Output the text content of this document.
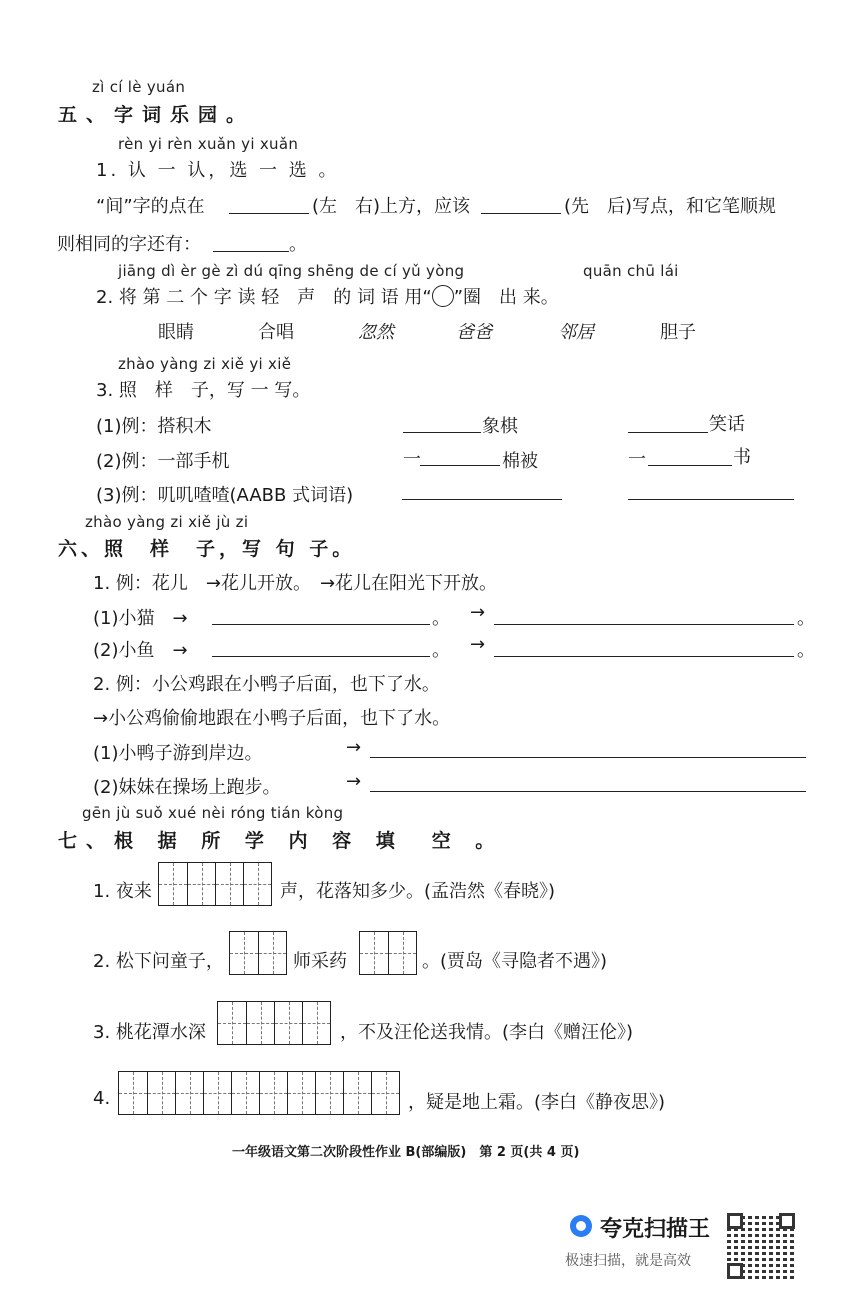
zì cí lè yuán
五、字词乐园。
rèn yi rèn xuǎn yi xuǎn
1. 认 一 认，选 一 选 。
“间”字的点在	(左　右)上方，应该	(先　后)写点，和它笔顺规
则相同的字还有：	。
jiāng dì èr gè zì dú qīng shēng de cí yǔ yòng	quān chū lái
2. 将 第 二 个 字 读 轻　声　的 词 语 用“ ”圈　出 来。
眼睛	合唱	忽然	爸爸	邻居	胆子
zhào yàng zi xiě yi xiě
3. 照　样　子，写 一 写。
(1)例：搭积木	象棋	笑话
(2)例：一部手机	一	棉被	一	书
(3)例：叽叽喳喳(AABB 式词语)
zhào yàng zi xiě jù zi
六、照　样　子，写 句 子。
1. 例：花儿　→花儿开放。　→花儿在阳光下开放。
(1)小猫　→	。 →	。
(2)小鱼　→	。 →	。
2. 例：小公鸡跟在小鸭子后面，也下了水。
→小公鸡偷偷地跟在小鸭子后面，也下了水。
(1)小鸭子游到岸边。	→
(2)妹妹在操场上跑步。	→
gēn jù suǒ xué nèi róng tián kòng
七、根 据 所 学 内 容 填　空 。
1. 夜来	声，花落知多少。(孟浩然《春晓》)
2. 松下问童子，	师采药	。(贾岛《寻隐者不遇》)
3. 桃花潭水深	，不及汪伦送我情。(李白《赠汪伦》)
4.	，疑是地上霜。(李白《静夜思》)
一年级语文第二次阶段性作业 B(部编版)　第 2 页(共 4 页)
夸克扫描王
极速扫描，就是高效
